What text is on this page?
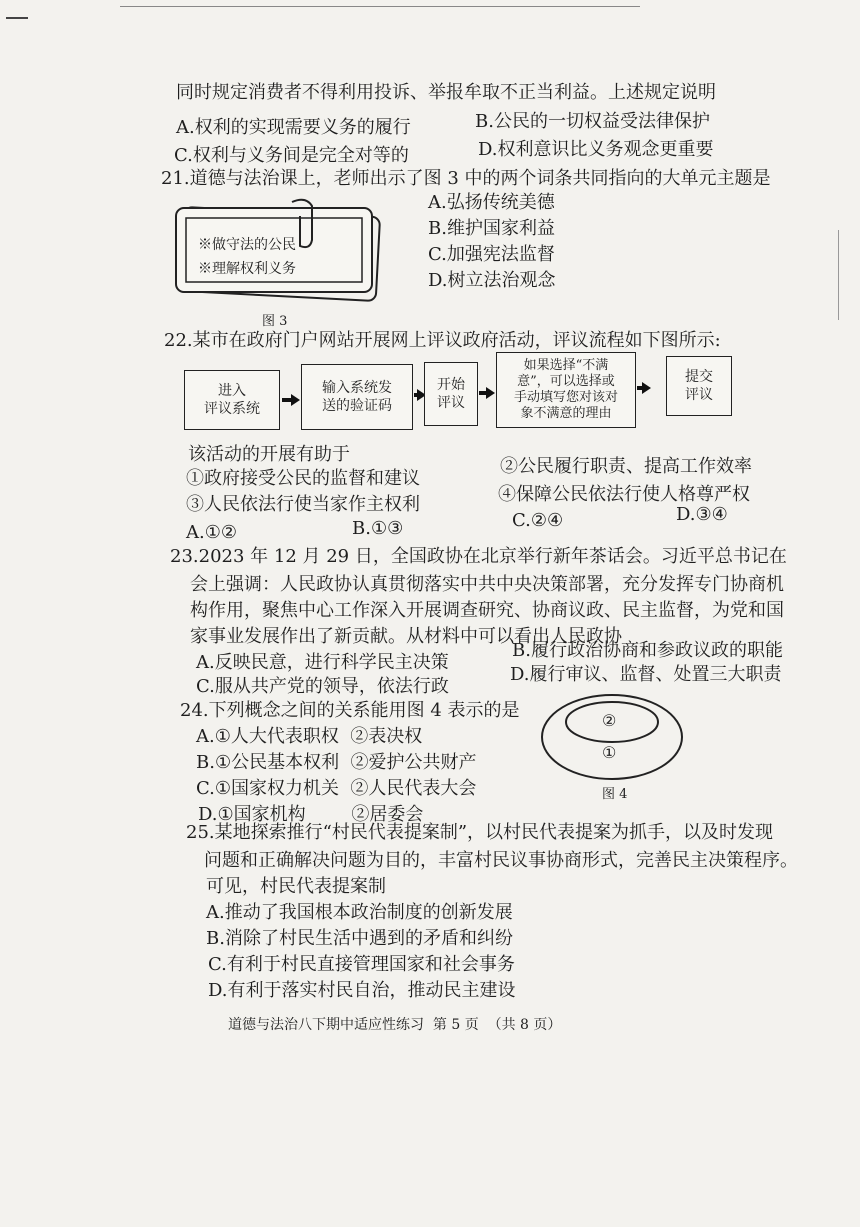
同时规定消费者不得利用投诉、举报牟取不正当利益。上述规定说明
A.权利的实现需要义务的履行	B.公民的一切权益受法律保护
C.权利与义务间是完全对等的	D.权利意识比义务观念更重要
21.道德与法治课上，老师出示了图 3 中的两个词条共同指向的大单元主题是
※做守法的公民
※理解权利义务
图 3
A.弘扬传统美德
B.维护国家利益
C.加强宪法监督
D.树立法治观念
22.某市在政府门户网站开展网上评议政府活动，评议流程如下图所示:
进入
评议系统
输入系统发
送的验证码
开始
评议
如果选择“不满
意”，可以选择或
手动填写您对该对
象不满意的理由
提交
评议
该活动的开展有助于
①政府接受公民的监督和建议
②公民履行职责、提高工作效率
③人民依法行使当家作主权利	④保障公民依法行使人格尊严权
A.①②	B.①③	C.②④	D.③④
23.2023 年 12 月 29 日，全国政协在北京举行新年茶话会。习近平总书记在
会上强调：人民政协认真贯彻落实中共中央决策部署，充分发挥专门协商机
构作用，聚焦中心工作深入开展调查研究、协商议政、民主监督，为党和国
家事业发展作出了新贡献。从材料中可以看出人民政协
A.反映民意，进行科学民主决策
B.履行政治协商和参政议政的职能
C.服从共产党的领导，依法行政
D.履行审议、监督、处置三大职责
24.下列概念之间的关系能用图 4 表示的是
A.①人大代表职权  ②表决权
B.①公民基本权利  ②爱护公共财产
C.①国家权力机关  ②人民代表大会
D.①国家机构        ②居委会
②
①
图 4
25.某地探索推行“村民代表提案制”，以村民代表提案为抓手，以及时发现
问题和正确解决问题为目的，丰富村民议事协商形式，完善民主决策程序。
可见，村民代表提案制
A.推动了我国根本政治制度的创新发展
B.消除了村民生活中遇到的矛盾和纠纷
C.有利于村民直接管理国家和社会事务
D.有利于落实村民自治，推动民主建设
道德与法治八下期中适应性练习  第 5 页  （共 8 页）
